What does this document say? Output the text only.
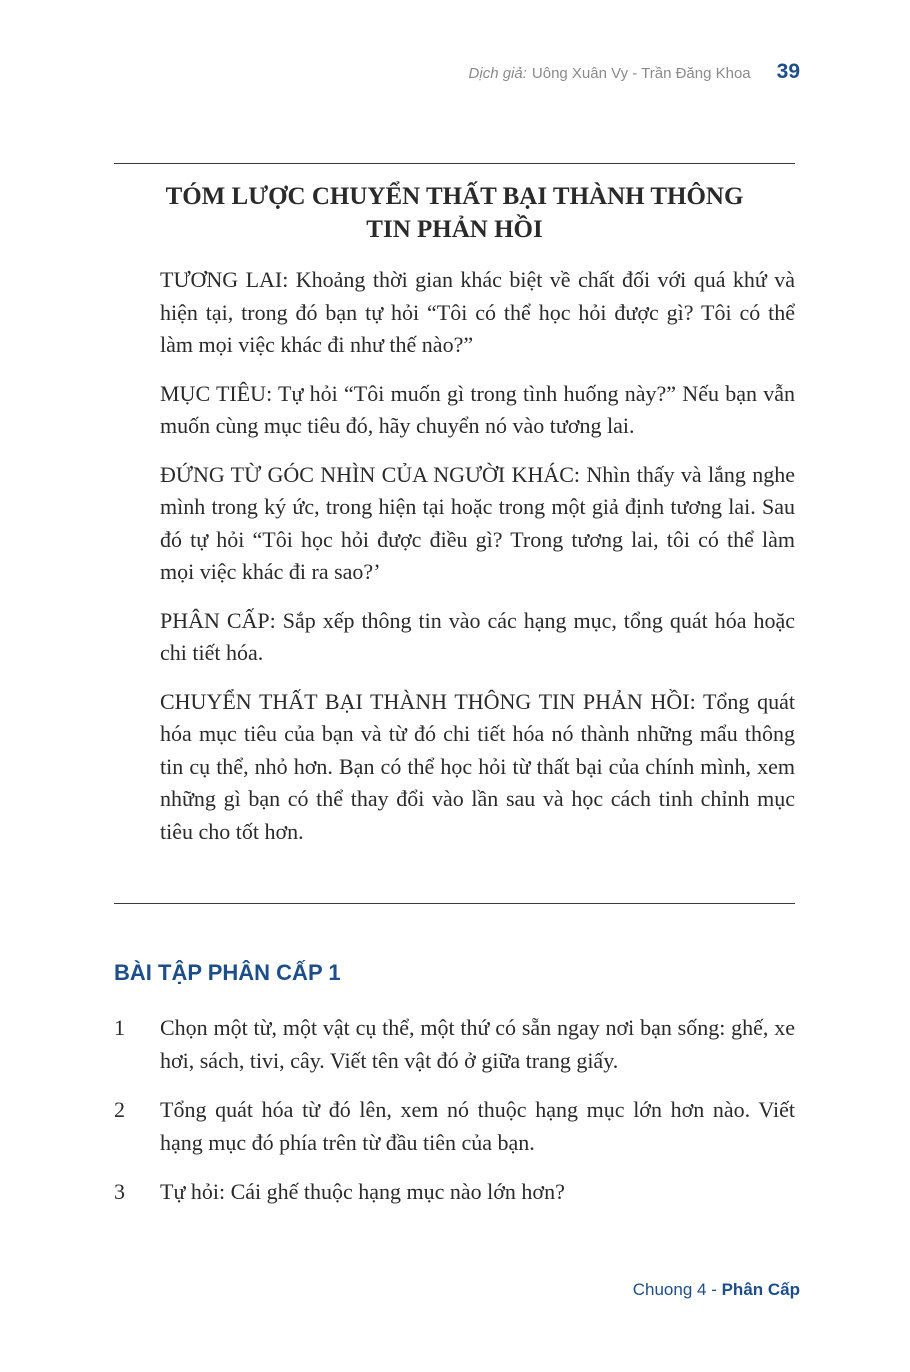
Dịch giả: Uông Xuân Vy - Trần Đăng Khoa 39
TÓM LƯỢC CHUYỂN THẤT BẠI THÀNH THÔNG
TIN PHẢN HỒI

TƯƠNG LAI: Khoảng thời gian khác biệt về chất đối với quá khứ và hiện tại, trong đó bạn tự hỏi “Tôi có thể học hỏi được gì? Tôi có thể làm mọi việc khác đi như thế nào?”

MỤC TIÊU: Tự hỏi “Tôi muốn gì trong tình huống này?” Nếu bạn vẫn muốn cùng mục tiêu đó, hãy chuyển nó vào tương lai.

ĐỨNG TỪ GÓC NHÌN CỦA NGƯỜI KHÁC: Nhìn thấy và lắng nghe mình trong ký ức, trong hiện tại hoặc trong một giả định tương lai. Sau đó tự hỏi “Tôi học hỏi được điều gì? Trong tương lai, tôi có thể làm mọi việc khác đi ra sao?’

PHÂN CẤP: Sắp xếp thông tin vào các hạng mục, tổng quát hóa hoặc chi tiết hóa.

CHUYỂN THẤT BẠI THÀNH THÔNG TIN PHẢN HỒI: Tổng quát hóa mục tiêu của bạn và từ đó chi tiết hóa nó thành những mẩu thông tin cụ thể, nhỏ hơn. Bạn có thể học hỏi từ thất bại của chính mình, xem những gì bạn có thể thay đổi vào lần sau và học cách tinh chỉnh mục tiêu cho tốt hơn.

BÀI TẬP PHÂN CẤP 1
1	Chọn một từ, một vật cụ thể, một thứ có sẵn ngay nơi bạn sống: ghế, xe hơi, sách, tivi, cây. Viết tên vật đó ở giữa trang giấy.
2	Tổng quát hóa từ đó lên, xem nó thuộc hạng mục lớn hơn nào. Viết hạng mục đó phía trên từ đầu tiên của bạn.
3	Tự hỏi: Cái ghế thuộc hạng mục nào lớn hơn?
Chuong 4 - Phân Cấp
